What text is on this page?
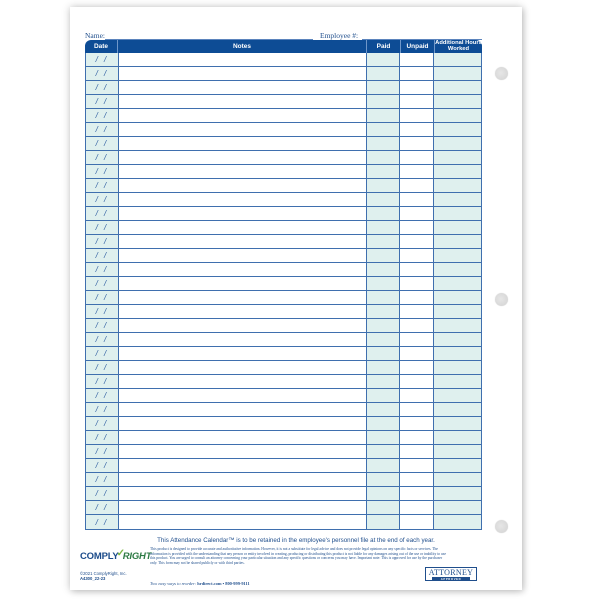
Name:	Employee #:
Date	Notes	Paid	Unpaid	Additional Hours Worked
/ /
/ /
/ /
/ /
/ /
/ /
/ /
/ /
/ /
/ /
/ /
/ /
/ /
/ /
/ /
/ /
/ /
/ /
/ /
/ /
/ /
/ /
/ /
/ /
/ /
/ /
/ /
/ /
/ /
/ /
/ /
/ /
/ /
/ /
This Attendance Calendar™ is to be retained in the employee's personnel file at the end of each year.
COMPLY✓RIGHT
©2021 ComplyRight, Inc.
A4300_22-23
This product is designed to provide accurate and authoritative information. However, it is not a substitute for legal advice and does not provide legal opinions on any specific facts or services. The information is provided with the understanding that any person or entity involved in creating, producing or distributing this product is not liable for any damages arising out of the use or inability to use this product. You are urged to consult an attorney concerning your particular situation and any specific questions or concerns you may have. Important note: This is approved for use by the purchaser only. This form may not be shared publicly or with third parties.
Two easy ways to reorder: hrdirect.com • 800-999-9111
ATTORNEY
APPROVED
